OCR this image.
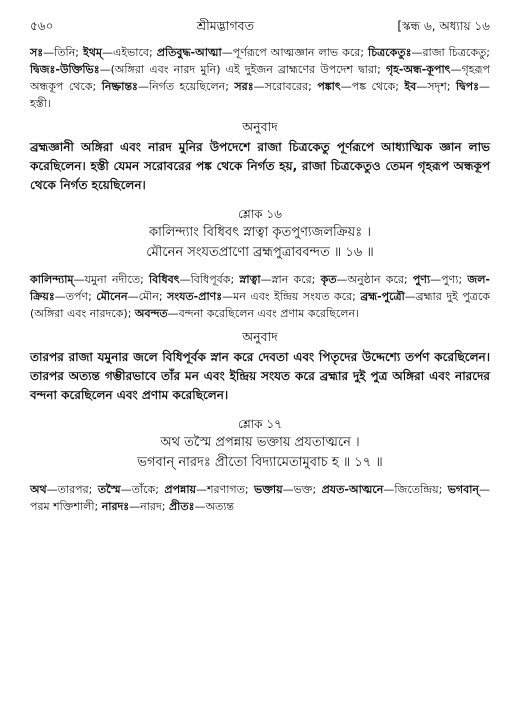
৫৬০	শ্রীমদ্ভাগবত	[স্কন্ধ ৬, অধ্যায় ১৬
সঃ—তিনি; ইথম্—এইভাবে; প্রতিবুদ্ধ-আত্মা—পূর্ণরূপে আত্মজ্ঞান লাভ করে; চিত্রকেতুঃ—রাজা চিত্রকেতু; দ্বিজঃ-উক্তিভিঃ—(অঙ্গিরা এবং নারদ মুনি) এই দুইজন ব্রাহ্মণের উপদেশ দ্বারা; গৃহ-অন্ধ-কূপাৎ—গৃহরূপ অন্ধকূপ থেকে; নিষ্ক্রান্তঃ—নির্গত হয়েছিলেন; সরঃ—সরোবরের; পঙ্কাৎ—পঙ্ক থেকে; ইব—সদৃশ; দ্বিপঃ—হস্তী।
অনুবাদ
ব্রহ্মজ্ঞানী অঙ্গিরা এবং নারদ মুনির উপদেশে রাজা চিত্রকেতু পূর্ণরূপে আধ্যাত্মিক জ্ঞান লাভ করেছিলেন। হস্তী যেমন সরোবরের পঙ্ক থেকে নির্গত হয়, রাজা চিত্রকেতুও তেমন গৃহরূপ অন্ধকূপ থেকে নির্গত হয়েছিলেন।
শ্লোক ১৬
কালিন্দ্যাং বিধিবৎ স্নাত্বা কৃতপুণ্যজলক্রিয়ঃ ।
মৌনেন সংযতপ্রাণো ব্রহ্মপুত্রাববন্দত ॥ ১৬ ॥
কালিন্দ্যাম্—যমুনা নদীতে; বিধিবৎ—বিধিপূর্বক; স্নাত্বা—স্নান করে; কৃত—অনুষ্ঠান করে; পুণ্য—পুণ্য; জল-ক্রিয়ঃ—তর্পণ; মৌনেন—মৌন; সংযত-প্রাণঃ—মন এবং ইন্দ্রিয় সংযত করে; ব্রহ্ম-পুত্রৌ—ব্রহ্মার দুই পুত্রকে (অঙ্গিরা এবং নারদকে); অবন্দত—বন্দনা করেছিলেন এবং প্রণাম করেছিলেন।
অনুবাদ
তারপর রাজা যমুনার জলে বিধিপূর্বক স্নান করে দেবতা এবং পিতৃদের উদ্দেশ্যে তর্পণ করেছিলেন। তারপর অত্যন্ত গম্ভীরভাবে তাঁর মন এবং ইন্দ্রিয় সংযত করে ব্রহ্মার দুই পুত্র অঙ্গিরা এবং নারদের বন্দনা করেছিলেন এবং প্রণাম করেছিলেন।
শ্লোক ১৭
অথ তস্মৈ প্রপন্নায় ভক্তায় প্রযতাত্মনে ।
ভগবান্ নারদঃ প্রীতো বিদ্যামেতামুবাচ হ ॥ ১৭ ॥
অথ—তারপর; তস্মৈ—তাঁকে; প্রপন্নায়—শরণাগত; ভক্তায়—ভক্ত; প্রযত-আত্মনে—জিতেন্দ্রিয়; ভগবান্—পরম শক্তিশালী; নারদঃ—নারদ; প্রীতঃ—অত্যন্ত
